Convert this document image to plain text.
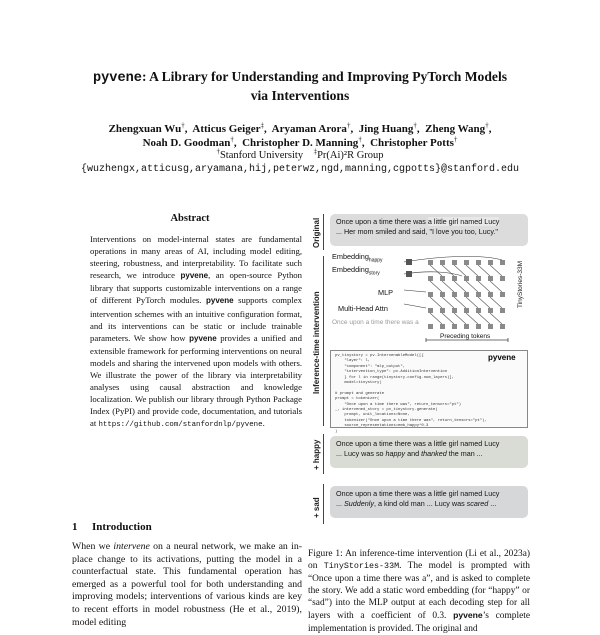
pyvene: A Library for Understanding and Improving PyTorch Models
via Interventions
Zhengxuan Wu†,  Atticus Geiger‡,  Aryaman Arora†,  Jing Huang†,  Zheng Wang†,
Noah D. Goodman†,  Christopher D. Manning†,  Christopher Potts†
†Stanford University ‡Pr(Ai)²R Group
{wuzhengx,atticusg,aryamana,hij,peterwz,ngd,manning,cgpotts}@stanford.edu
Abstract
Interventions on model-internal states are fundamental operations in many areas of AI, including model editing, steering, robustness, and interpretability. To facilitate such research, we introduce pyvene, an open-source Python library that supports customizable interventions on a range of different PyTorch modules. pyvene supports complex intervention schemes with an intuitive configuration format, and its interventions can be static or include trainable parameters. We show how pyvene provides a unified and extensible framework for performing interventions on neural models and sharing the intervened upon models with others. We illustrate the power of the library via interpretability analyses using causal abstraction and knowledge localization. We publish our library through Python Package Index (PyPI) and provide code, documentation, and tutorials at https://github.com/stanfordnlp/pyvene.
1 Introduction
When we intervene on a neural network, we make an in-place change to its activations, putting the model in a counterfactual state. This fundamental operation has emerged as a powerful tool for both understanding and improving models; interventions of various kinds are key to recent efforts in model robustness (He et al., 2019), model editing
Original	Once upon a time there was a little girl named Lucy
... Her mom smiled and said, "I love you too, Lucy."
Inference-time intervention
Embedding$_{happy}$
Embedding$_{story}$
MLP
Multi-Head Attn
Once upon a time there was a
Preceding tokens
TinyStories-33M
pv_tinystory = pv.IntervenableModel([{
"layer": l,
"component": "mlp_output",
"intervention_type": pv.AdditionIntervention
} for l in range(tinystory.config.num_layers)],
model=tinystory)

# prompt and generate
prompt = tokenizer(
"Once upon a time there was", return_tensors="pt")
_, intervened_story = pv_tinystory.generate(
prompt, unit_locations=None,
tokenizer("Once upon a time there was", return_tensors="pt"),
source_representations=emb_happy*0.3
)
pyvene
+ happy	Once upon a time there was a little girl named Lucy
... Lucy was so happy and thanked the man ...
+ sad
Once upon a time there was a little girl named Lucy
... Suddenly, a kind old man ... Lucy was scared ...
Figure 1: An inference-time intervention (Li et al., 2023a) on TinyStories-33M. The model is prompted with “Once upon a time there was a”, and is asked to complete the story. We add a static word embedding (for “happy” or “sad”) into the MLP output at each decoding step for all layers with a coefficient of 0.3. pyvene’s complete implementation is provided. The original and
